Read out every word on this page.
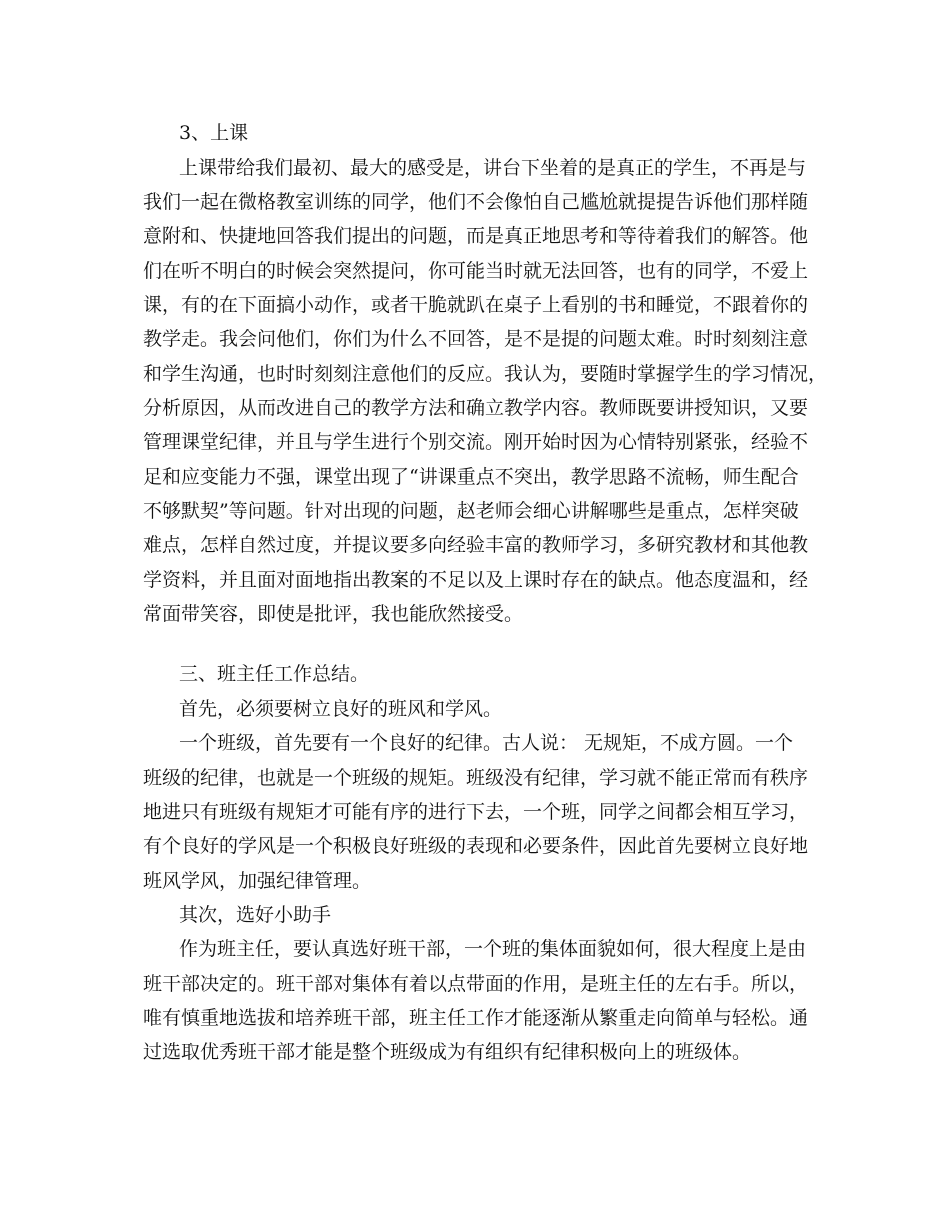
3、上课
上课带给我们最初、最大的感受是，讲台下坐着的是真正的学生，不再是与
我们一起在微格教室训练的同学，他们不会像怕自己尴尬就提提告诉他们那样随
意附和、快捷地回答我们提出的问题，而是真正地思考和等待着我们的解答。他
们在听不明白的时候会突然提问，你可能当时就无法回答，也有的同学，不爱上
课，有的在下面搞小动作，或者干脆就趴在桌子上看别的书和睡觉，不跟着你的
教学走。我会问他们，你们为什么不回答，是不是提的问题太难。时时刻刻注意
和学生沟通，也时时刻刻注意他们的反应。我认为，要随时掌握学生的学习情况，
分析原因，从而改进自己的教学方法和确立教学内容。教师既要讲授知识，又要
管理课堂纪律，并且与学生进行个别交流。刚开始时因为心情特别紧张，经验不
足和应变能力不强，课堂出现了“讲课重点不突出，教学思路不流畅，师生配合
不够默契”等问题。针对出现的问题，赵老师会细心讲解哪些是重点，怎样突破
难点，怎样自然过度，并提议要多向经验丰富的教师学习，多研究教材和其他教
学资料，并且面对面地指出教案的不足以及上课时存在的缺点。他态度温和，经
常面带笑容，即使是批评，我也能欣然接受。
三、班主任工作总结。
首先，必须要树立良好的班风和学风。
一个班级，首先要有一个良好的纪律。古人说： 无规矩，不成方圆。一个
班级的纪律，也就是一个班级的规矩。班级没有纪律，学习就不能正常而有秩序
地进只有班级有规矩才可能有序的进行下去，一个班，同学之间都会相互学习，
有个良好的学风是一个积极良好班级的表现和必要条件，因此首先要树立良好地
班风学风，加强纪律管理。
其次，选好小助手
作为班主任，要认真选好班干部，一个班的集体面貌如何，很大程度上是由
班干部决定的。班干部对集体有着以点带面的作用，是班主任的左右手。所以，
唯有慎重地选拔和培养班干部，班主任工作才能逐渐从繁重走向简单与轻松。通
过选取优秀班干部才能是整个班级成为有组织有纪律积极向上的班级体。
